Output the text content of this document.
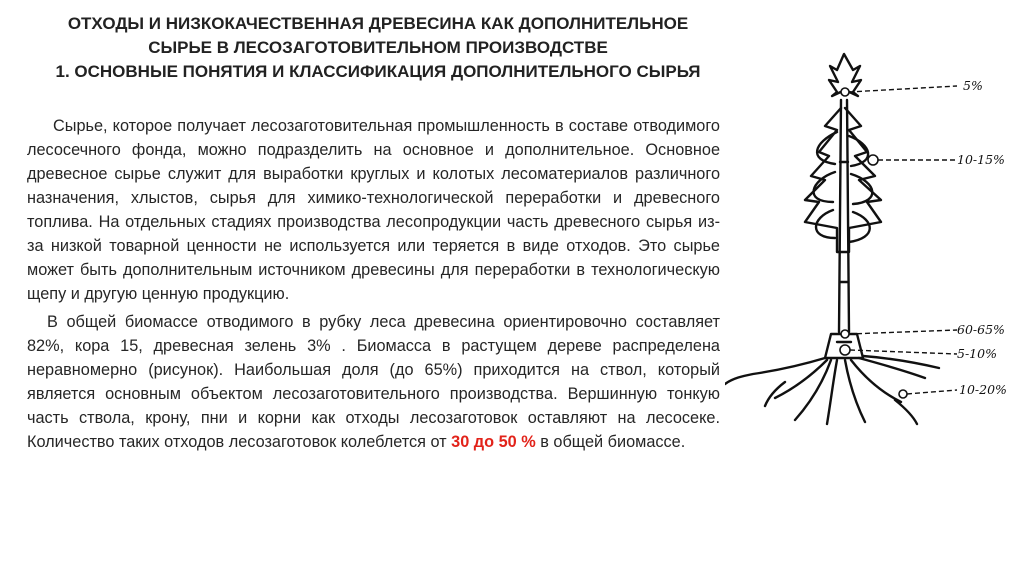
ОТХОДЫ И НИЗКОКАЧЕСТВЕННАЯ ДРЕВЕСИНА КАК ДОПОЛНИТЕЛЬНОЕ
СЫРЬЕ В ЛЕСОЗАГОТОВИТЕЛЬНОМ ПРОИЗВОДСТВЕ
1. ОСНОВНЫЕ ПОНЯТИЯ И КЛАССИФИКАЦИЯ ДОПОЛНИТЕЛЬНОГО СЫРЬЯ

Сырье, которое получает лесозаготовительная промышленность в составе отводимого лесосечного фонда, можно подразделить на основное и дополнительное. Основное древесное сырье служит для выработки круглых и колотых лесоматериалов различного назначения, хлыстов, сырья для химико-технологической переработки и древесного топлива. На отдельных стадиях производства лесопродукции часть древесного сырья из-за низкой товарной ценности не используется или теряется в виде отходов. Это сырье может быть дополнительным источником древесины для переработки в технологическую щепу и другую ценную продукцию.

В общей биомассе отводимого в рубку леса древесина ориентировочно составляет 82%, кора 15, древесная зелень 3% . Биомасса в растущем дереве распределена неравномерно (рисунок). Наибольшая доля (до 65%) приходится на ствол, который является основным объектом лесозаготовительного производства. Вершинную тонкую часть ствола, крону, пни и корни как отходы лесозаготовок оставляют на лесосеке. Количество таких отходов лесозаготовок колеблется от 30 до 50 % в общей биомассе.

5%
10-15%
60-65%
5-10%
10-20%
